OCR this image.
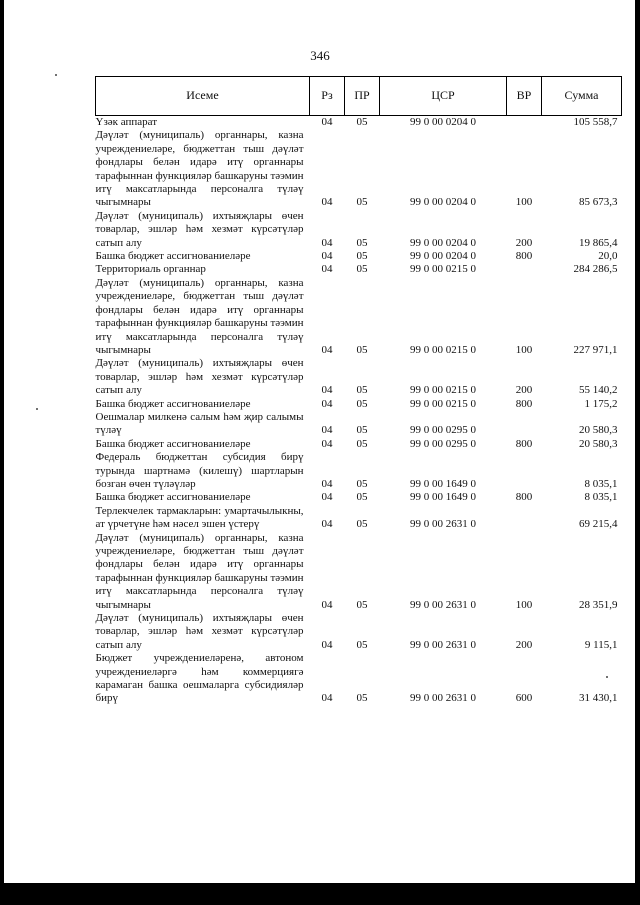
346
Исеме	Рз	ПР	ЦСР	ВР	Сумма
Үзәк аппарат	04	05	99 0 00 0204 0		105 558,7
Дәүләт (муниципаль) органнары, казна учреждениеләре, бюджеттан тыш дәүләт фондлары белән идарә итү органнары тарафыннан функцияләр башкаруны тәэмин итү максатларында персоналга түләү чыгымнары	04	05	99 0 00 0204 0	100	85 673,3
Дәүләт (муниципаль) ихтыяҗлары өчен товарлар, эшләр һәм хезмәт күрсәтүләр сатып алу	04	05	99 0 00 0204 0	200	19 865,4
Башка бюджет ассигнованиеләре	04	05	99 0 00 0204 0	800	20,0
Территориаль органнар	04	05	99 0 00 0215 0		284 286,5
Дәүләт (муниципаль) органнары, казна учреждениеләре, бюджеттан тыш дәүләт фондлары белән идарә итү органнары тарафыннан функцияләр башкаруны тәэмин итү максатларында персоналга түләү чыгымнары	04	05	99 0 00 0215 0	100	227 971,1
Дәүләт (муниципаль) ихтыяҗлары өчен товарлар, эшләр һәм хезмәт күрсәтүләр сатып алу	04	05	99 0 00 0215 0	200	55 140,2
Башка бюджет ассигнованиеләре	04	05	99 0 00 0215 0	800	1 175,2
Оешмалар милкенә салым һәм җир салымы түләү	04	05	99 0 00 0295 0		20 580,3
Башка бюджет ассигнованиеләре	04	05	99 0 00 0295 0	800	20 580,3
Федераль бюджеттан субсидия бирү турында шартнамә (килешү) шартларын бозган өчен түләүләр	04	05	99 0 00 1649 0		8 035,1
Башка бюджет ассигнованиеләре	04	05	99 0 00 1649 0	800	8 035,1
Терлекчелек тармакларын: умартачылыкны, ат үрчетүне һәм нәсел эшен үстерү	04	05	99 0 00 2631 0		69 215,4
Дәүләт (муниципаль) органнары, казна учреждениеләре, бюджеттан тыш дәүләт фондлары белән идарә итү органнары тарафыннан функцияләр башкаруны тәэмин итү максатларында персоналга түләү чыгымнары	04	05	99 0 00 2631 0	100	28 351,9
Дәүләт (муниципаль) ихтыяҗлары өчен товарлар, эшләр һәм хезмәт күрсәтүләр сатып алу	04	05	99 0 00 2631 0	200	9 115,1
Бюджет учреждениеләренә, автоном учреждениеләргә һәм коммерциягә карамаган башка оешмаларга субсидияләр бирү	04	05	99 0 00 2631 0	600	31 430,1
